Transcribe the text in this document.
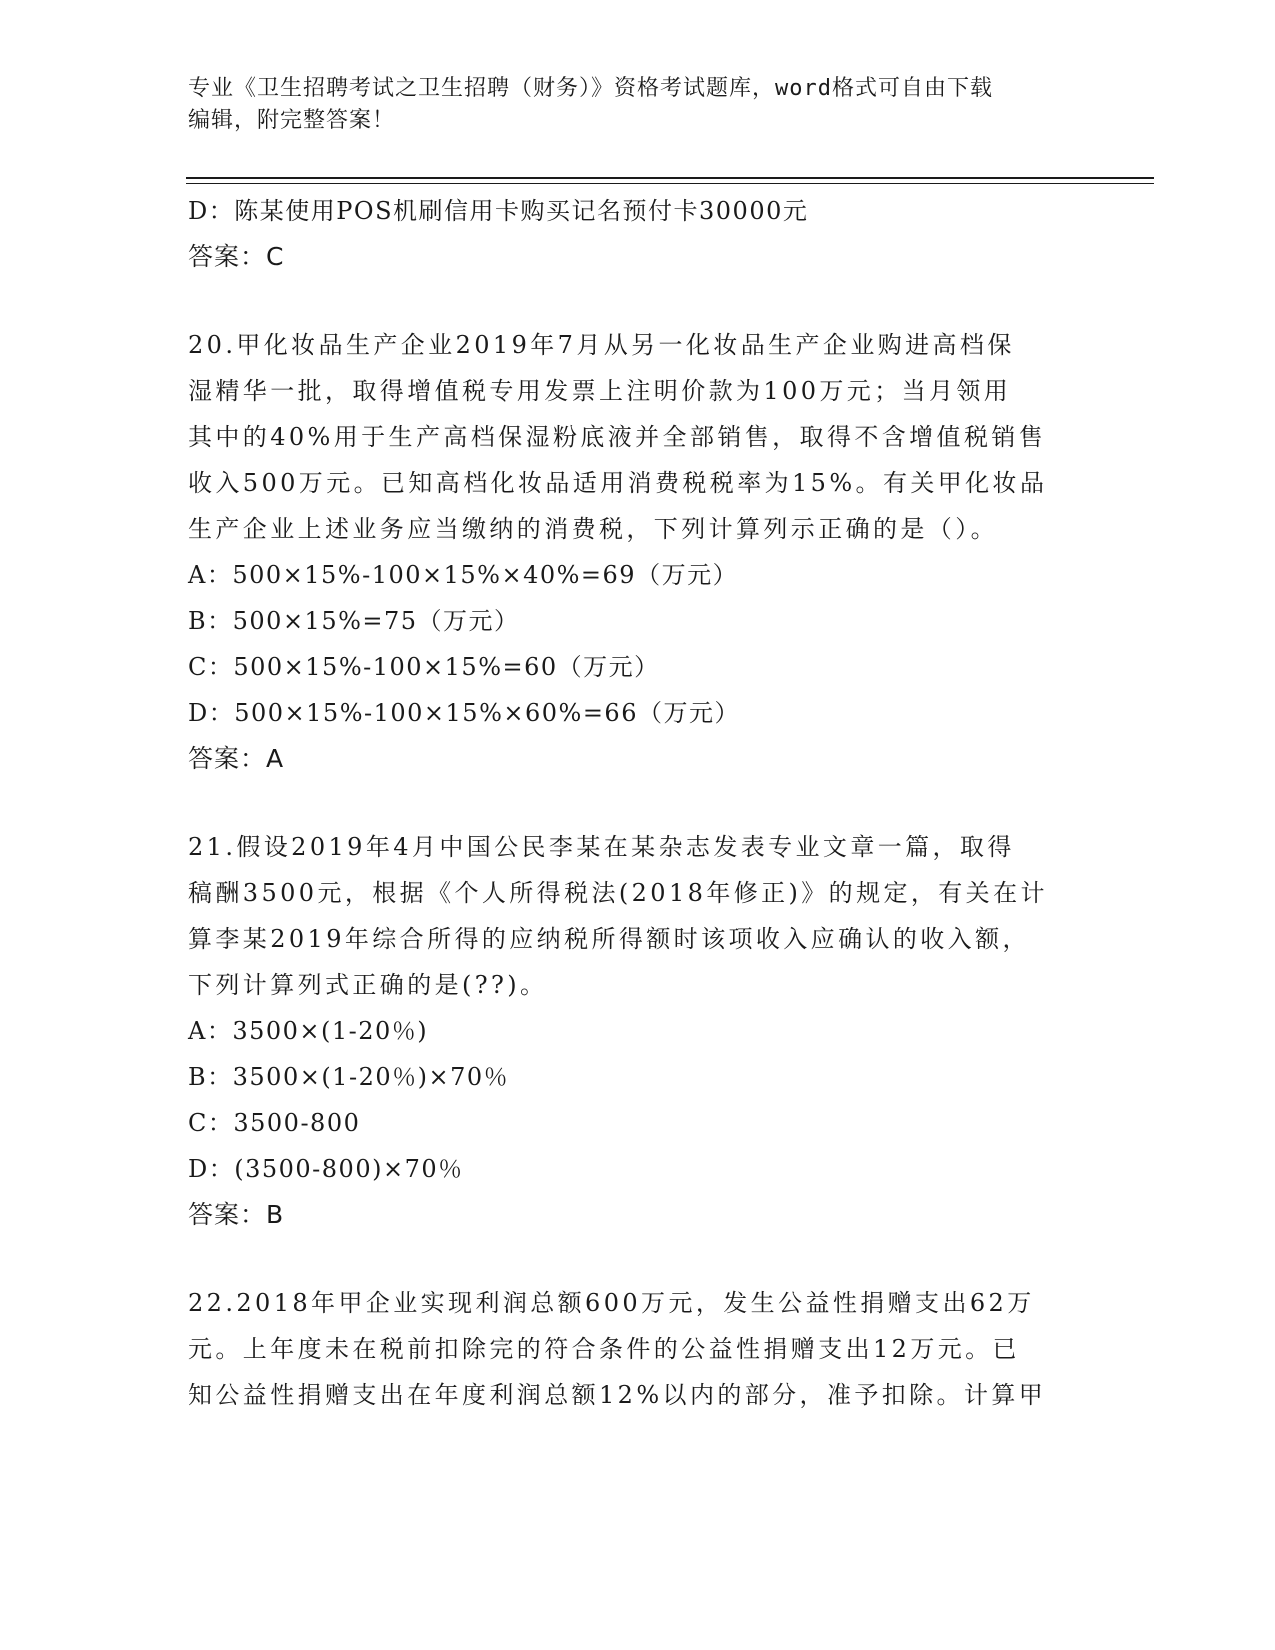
专业《卫生招聘考试之卫生招聘（财务）》资格考试题库，word格式可自由下载
编辑，附完整答案！
D：陈某使用POS机刷信用卡购买记名预付卡30000元
答案：C
20.甲化妆品生产企业2019年7月从另一化妆品生产企业购进高档保
湿精华一批，取得增值税专用发票上注明价款为100万元；当月领用
其中的40%用于生产高档保湿粉底液并全部销售，取得不含增值税销售
收入500万元。已知高档化妆品适用消费税税率为15%。有关甲化妆品
生产企业上述业务应当缴纳的消费税，下列计算列示正确的是（）。
A：500×15%-100×15%×40%=69（万元）
B：500×15%=75（万元）
C：500×15%-100×15%=60（万元）
D：500×15%-100×15%×60%=66（万元）
答案：A
21.假设2019年4月中国公民李某在某杂志发表专业文章一篇，取得
稿酬3500元，根据《个人所得税法(2018年修正)》的规定，有关在计
算李某2019年综合所得的应纳税所得额时该项收入应确认的收入额，
下列计算列式正确的是(??)。
A：3500×(1-20％)
B：3500×(1-20％)×70％
C：3500-800
D：(3500-800)×70％
答案：B
22.2018年甲企业实现利润总额600万元，发生公益性捐赠支出62万
元。上年度未在税前扣除完的符合条件的公益性捐赠支出12万元。已
知公益性捐赠支出在年度利润总额12%以内的部分，准予扣除。计算甲
